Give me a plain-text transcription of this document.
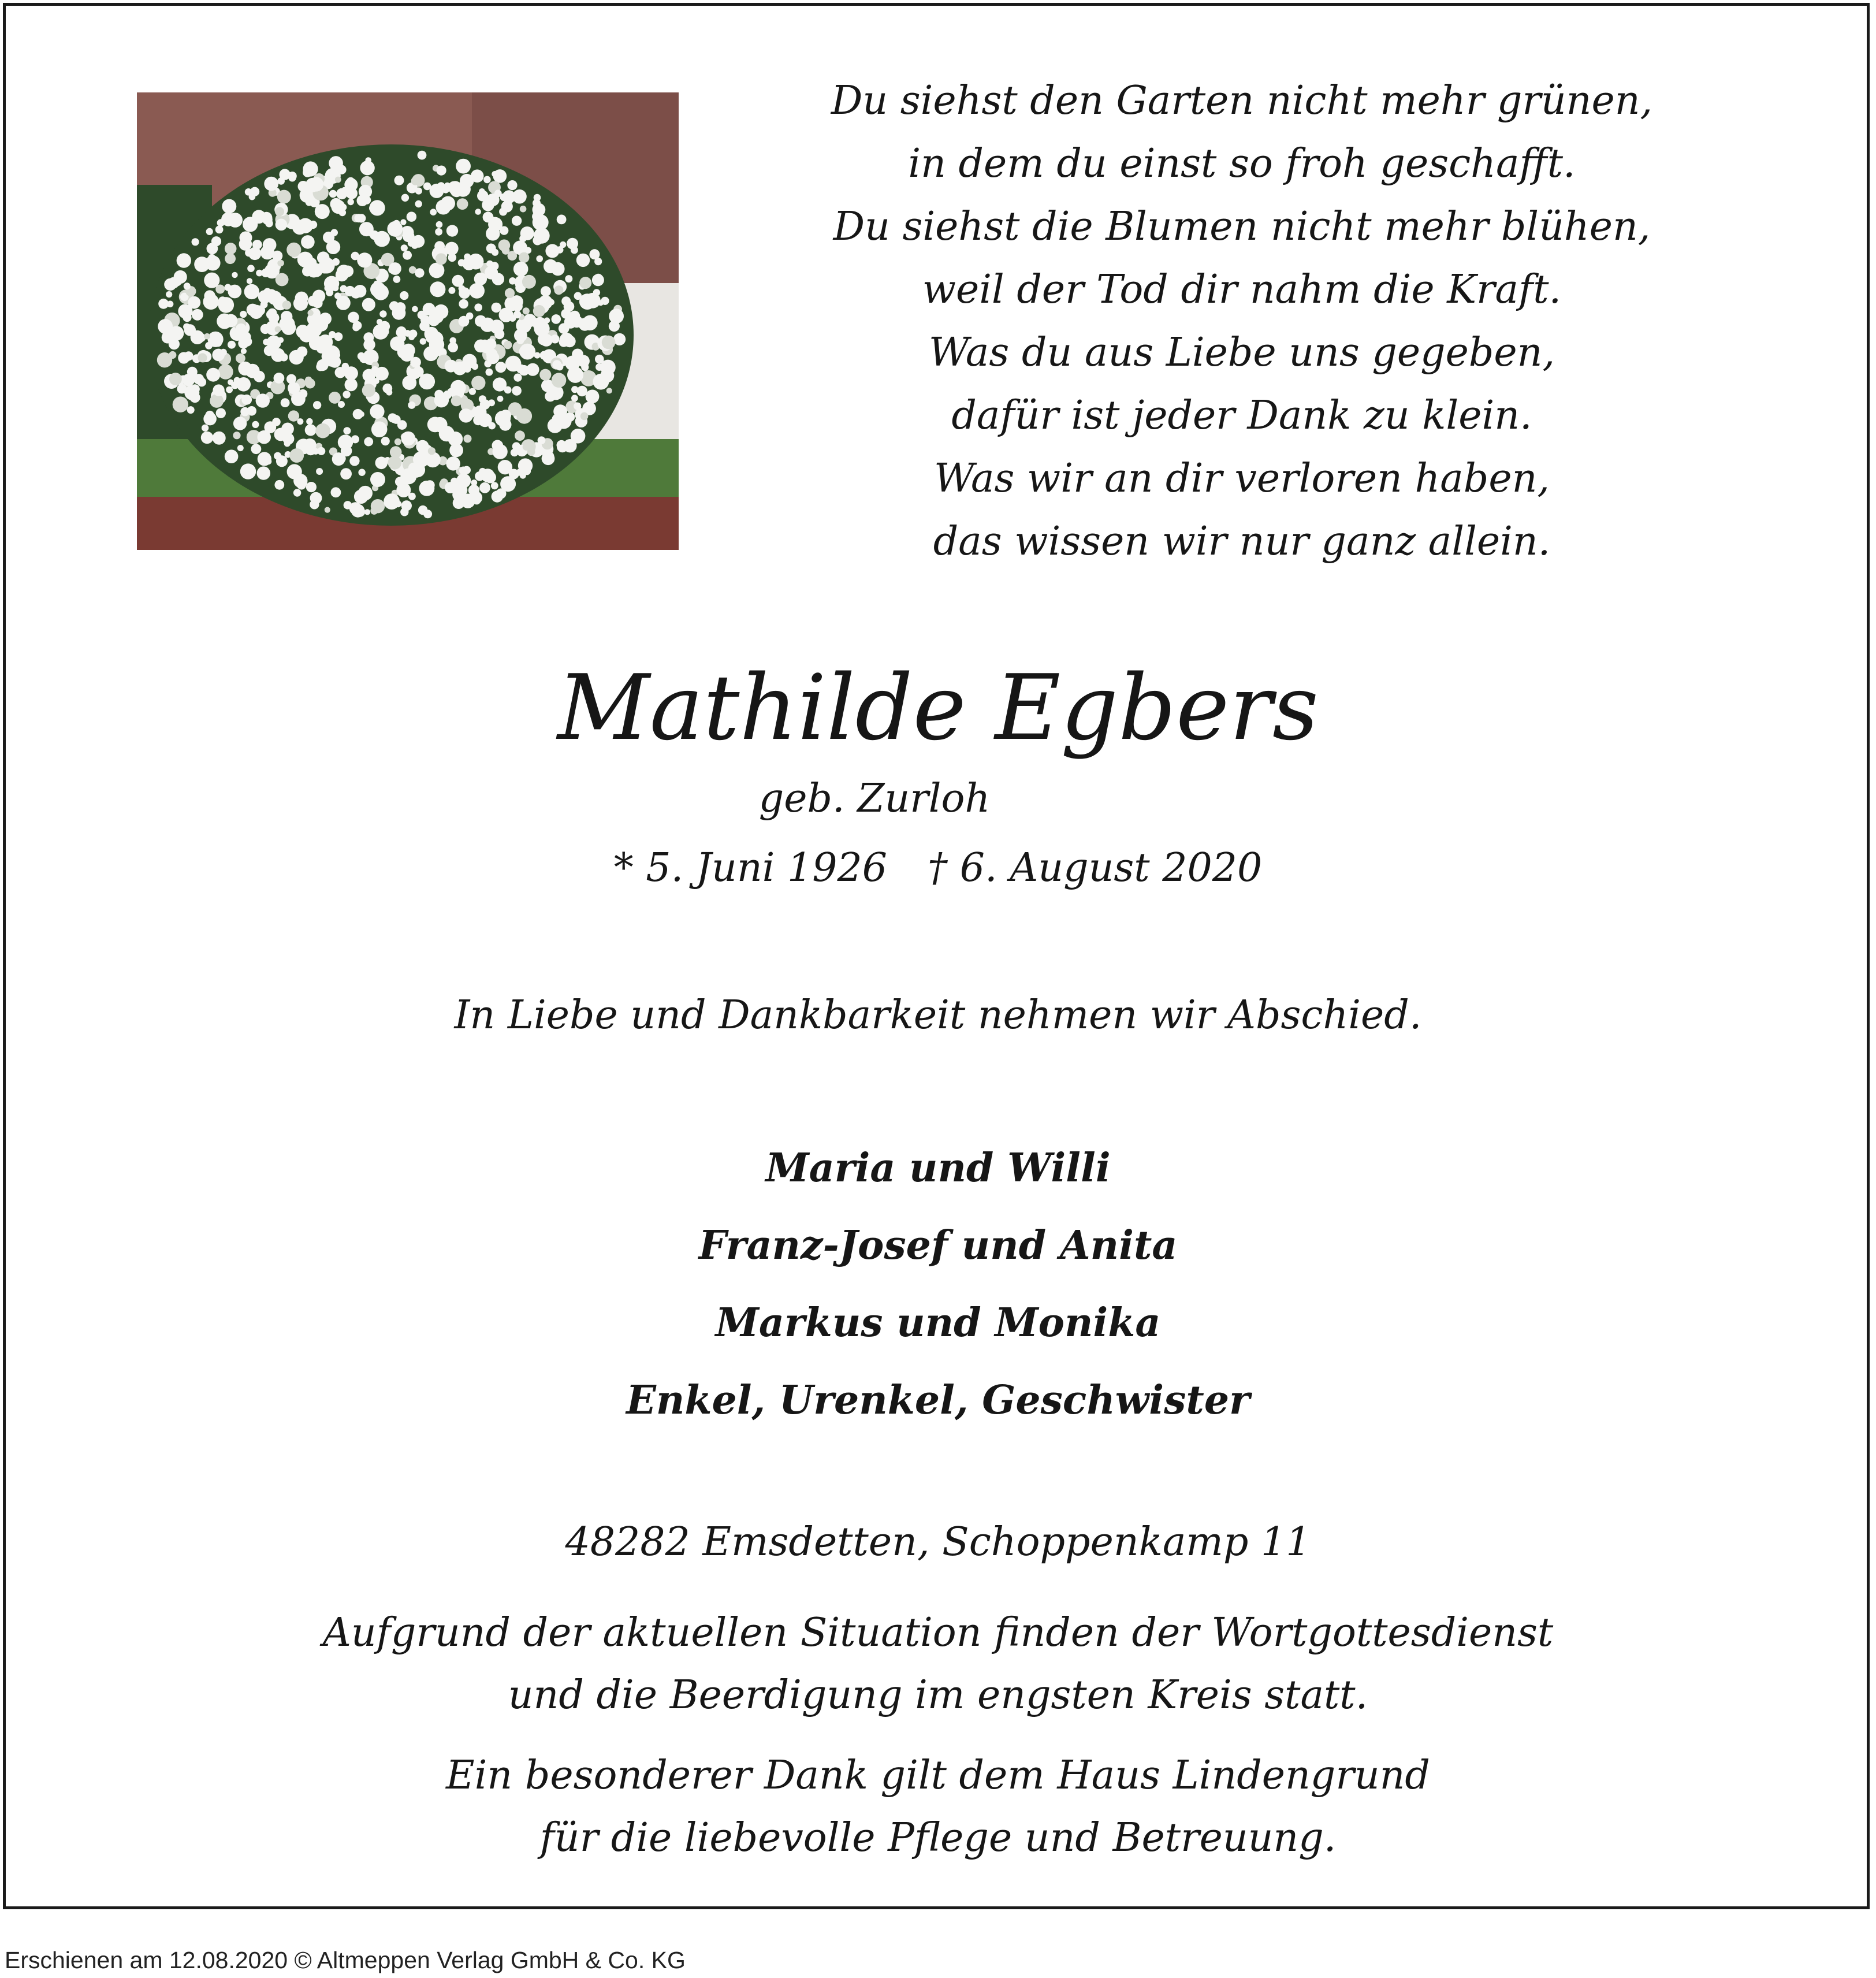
Du siehst den Garten nicht mehr grünen,
in dem du einst so froh geschafft.
Du siehst die Blumen nicht mehr blühen,
weil der Tod dir nahm die Kraft.
Was du aus Liebe uns gegeben,
dafür ist jeder Dank zu klein.
Was wir an dir verloren haben,
das wissen wir nur ganz allein.
Mathilde Egbers
geb. Zurloh
* 5. Juni 1926 † 6. August 2020
In Liebe und Dankbarkeit nehmen wir Abschied.
Maria und Willi
Franz-Josef und Anita
Markus und Monika
Enkel, Urenkel, Geschwister
48282 Emsdetten, Schoppenkamp 11
Aufgrund der aktuellen Situation finden der Wortgottesdienst
und die Beerdigung im engsten Kreis statt.
Ein besonderer Dank gilt dem Haus Lindengrund
für die liebevolle Pflege und Betreuung.
Erschienen am 12.08.2020 © Altmeppen Verlag GmbH & Co. KG
